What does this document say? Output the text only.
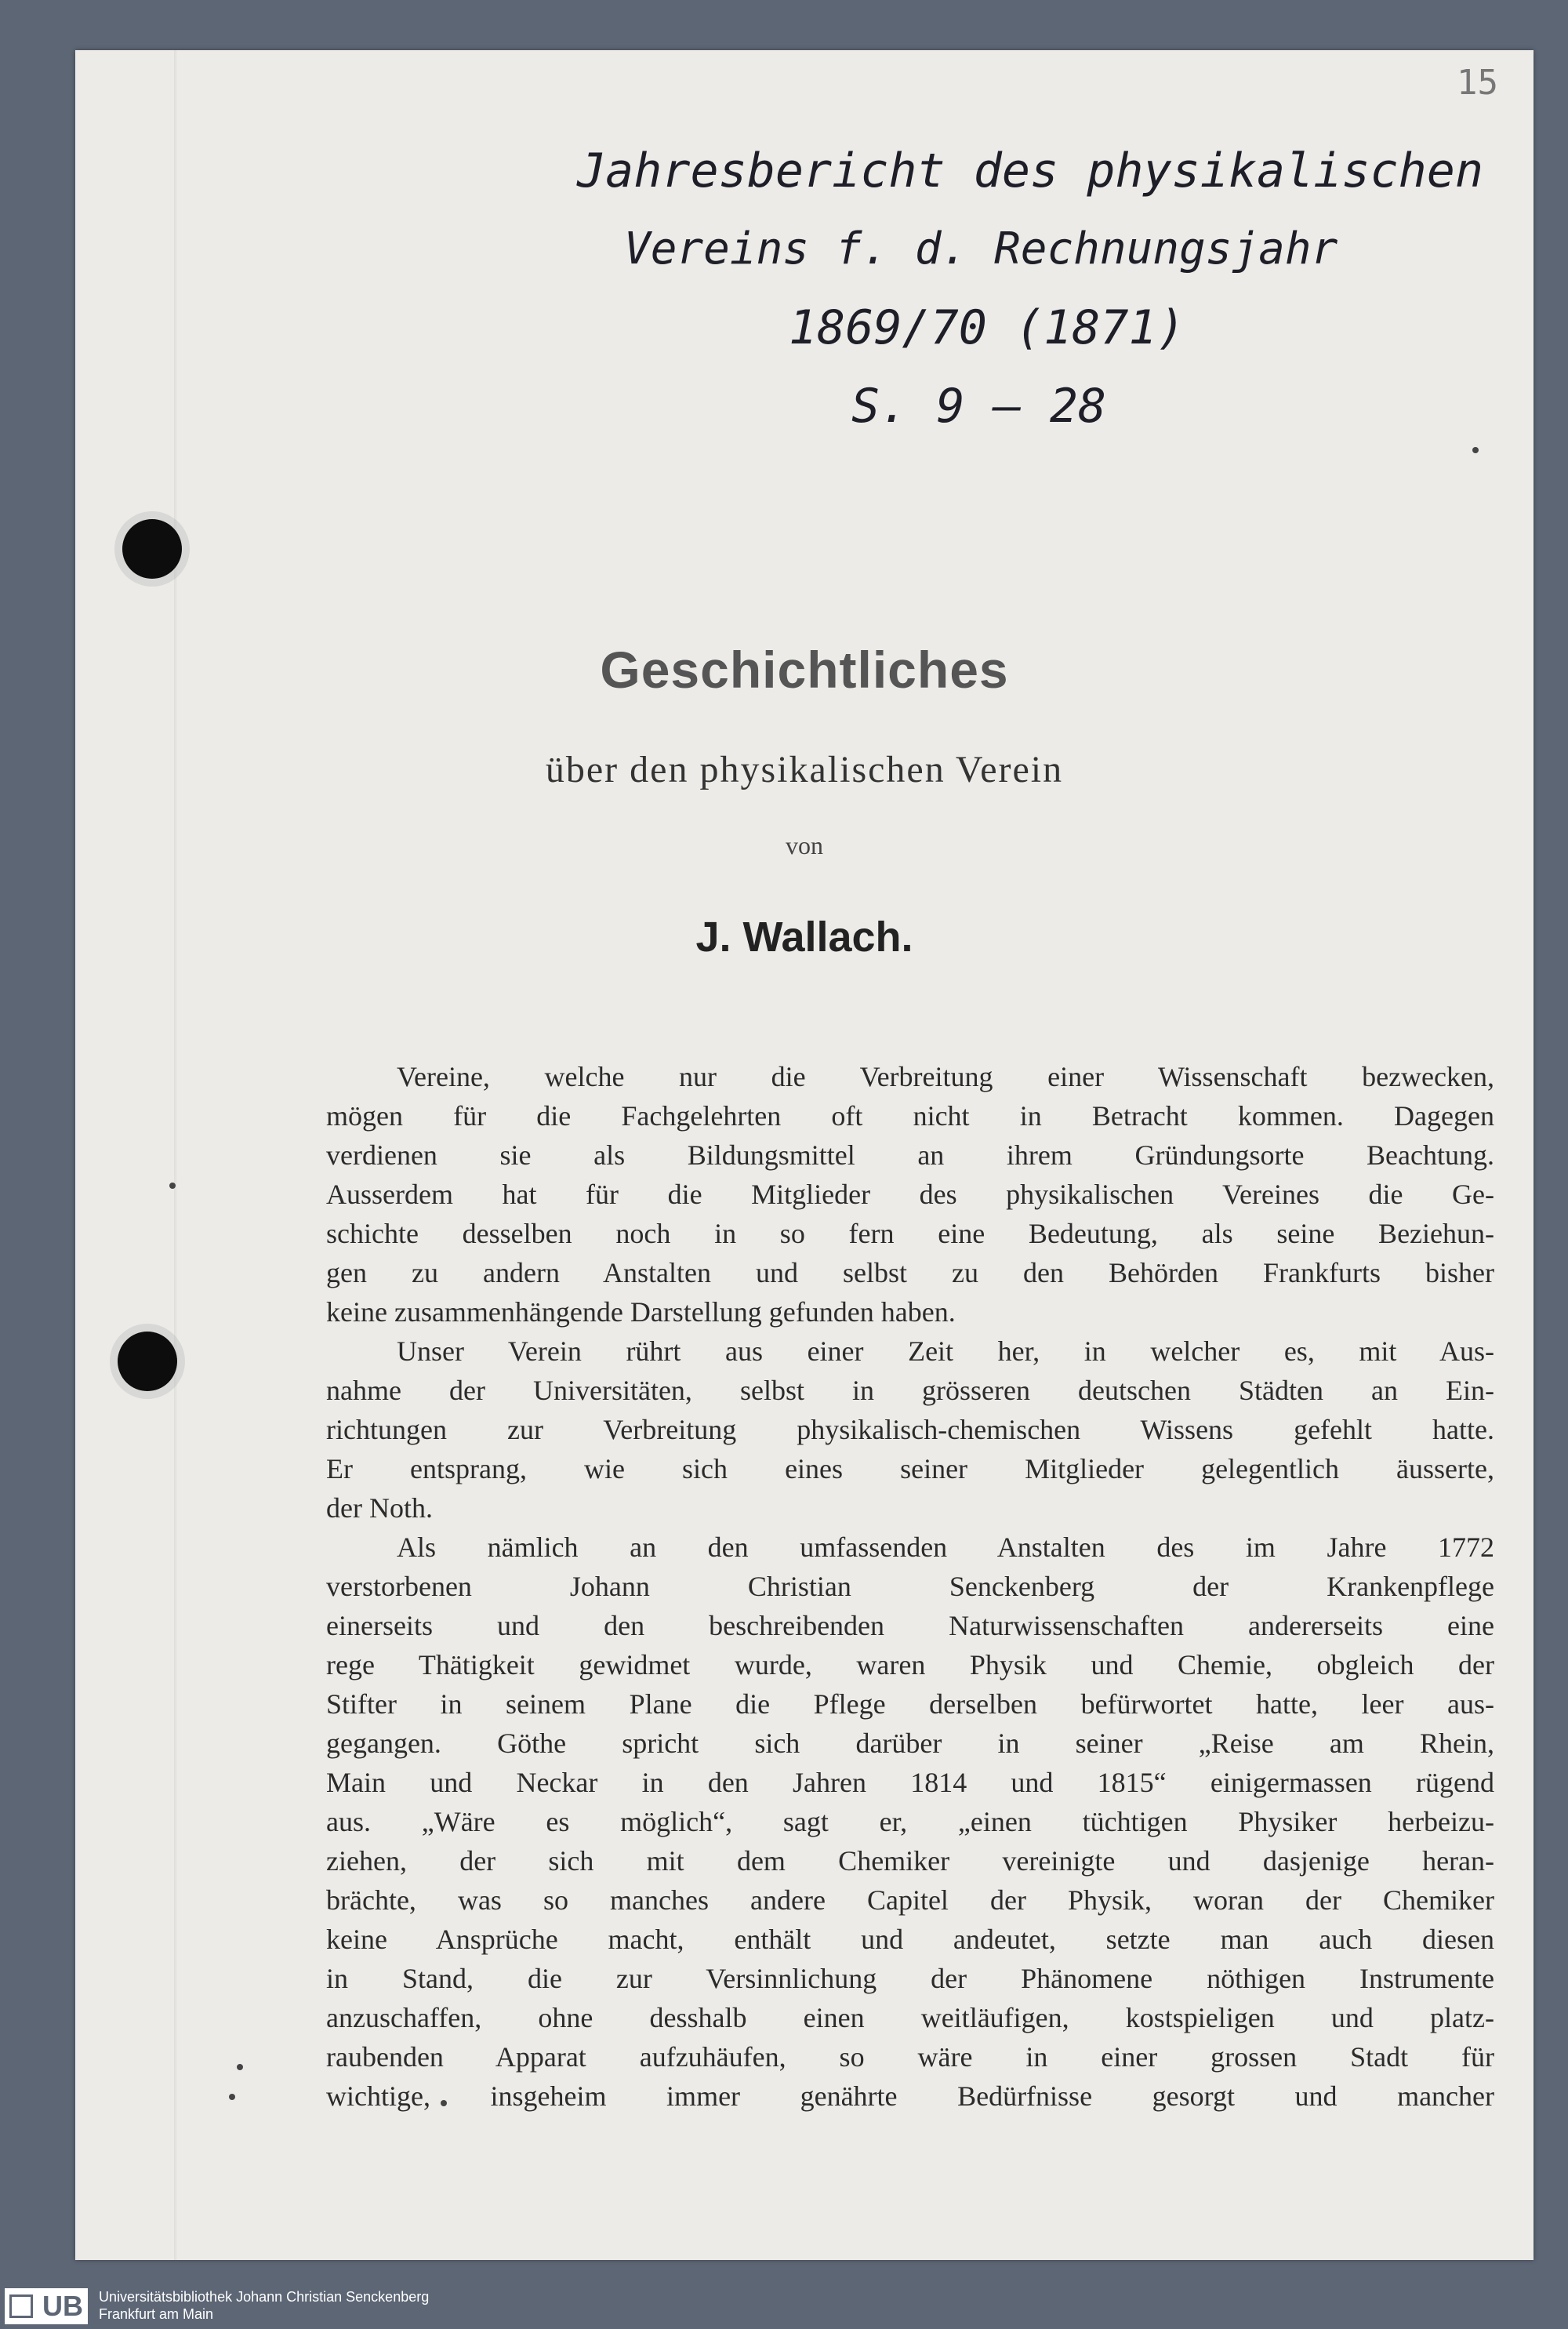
15
Jahresbericht des physikalischen
Vereins f. d. Rechnungsjahr
1869/70 (1871)
S. 9 – 28
Geschichtliches
über den physikalischen Verein
von
J. Wallach.
Vereine, welche nur die Verbreitung einer Wissenschaft bezwecken,
mögen für die Fachgelehrten oft nicht in Betracht kommen. Dagegen
verdienen sie als Bildungsmittel an ihrem Gründungsorte Beachtung.
Ausserdem hat für die Mitglieder des physikalischen Vereines die Ge-
schichte desselben noch in so fern eine Bedeutung, als seine Beziehun-
gen zu andern Anstalten und selbst zu den Behörden Frankfurts bisher
keine zusammenhängende Darstellung gefunden haben.
Unser Verein rührt aus einer Zeit her, in welcher es, mit Aus-
nahme der Universitäten, selbst in grösseren deutschen Städten an Ein-
richtungen zur Verbreitung physikalisch-chemischen Wissens gefehlt hatte.
Er entsprang, wie sich eines seiner Mitglieder gelegentlich äusserte,
der Noth.
Als nämlich an den umfassenden Anstalten des im Jahre 1772
verstorbenen Johann Christian Senckenberg der Krankenpflege
einerseits und den beschreibenden Naturwissenschaften andererseits eine
rege Thätigkeit gewidmet wurde, waren Physik und Chemie, obgleich der
Stifter in seinem Plane die Pflege derselben befürwortet hatte, leer aus-
gegangen. Göthe spricht sich darüber in seiner „Reise am Rhein,
Main und Neckar in den Jahren 1814 und 1815“ einigermassen rügend
aus. „Wäre es möglich“, sagt er, „einen tüchtigen Physiker herbeizu-
ziehen, der sich mit dem Chemiker vereinigte und dasjenige heran-
brächte, was so manches andere Capitel der Physik, woran der Chemiker
keine Ansprüche macht, enthält und andeutet, setzte man auch diesen
in Stand, die zur Versinnlichung der Phänomene nöthigen Instrumente
anzuschaffen, ohne desshalb einen weitläufigen, kostspieligen und platz-
raubenden Apparat aufzuhäufen, so wäre in einer grossen Stadt für
wichtige, insgeheim immer genährte Bedürfnisse gesorgt und mancher
UB	Universitätsbibliothek Johann Christian Senckenberg
Frankfurt am Main
